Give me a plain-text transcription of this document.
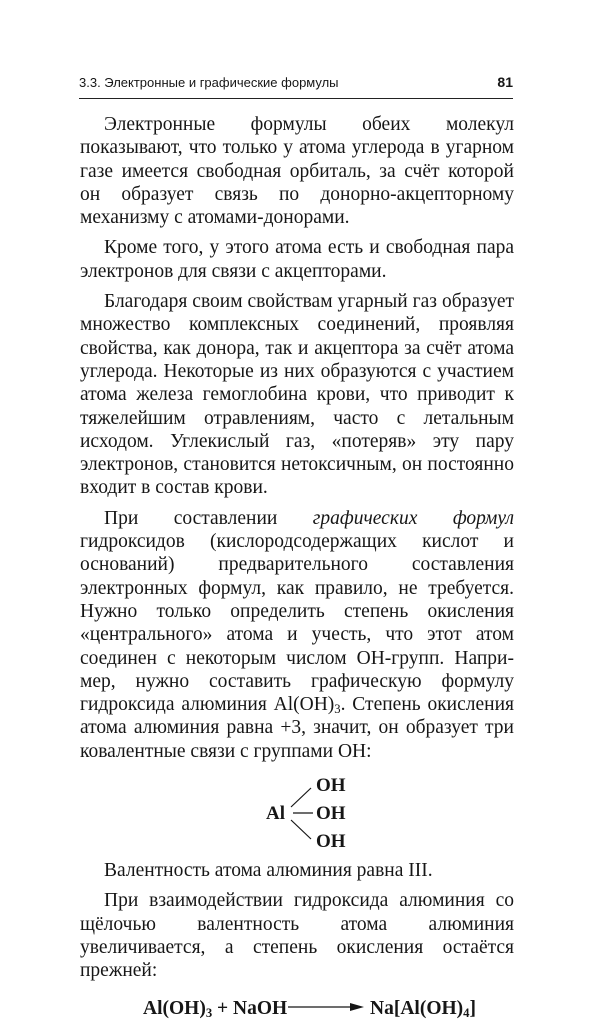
3.3. Электронные и графические формулы	81

Электронные формулы обеих молекул показывают, что только у атома углерода в угарном газе имеется свободная орбиталь, за счёт которой он образует связь по донорно-акцепторному механизму с атомами-донорами.

Кроме того, у этого атома есть и свободная пара электронов для связи с акцепторами.

Благодаря своим свойствам угарный газ образует множество комплексных соединений, проявляя свойства, как донора, так и акцептора за счёт атома углерода. Некоторые из них образуются с участием атома железа гемоглобина крови, что приводит к тяжелейшим отравлениям, часто с летальным исходом. Углекислый газ, «потеряв» эту пару электронов, становится нетоксичным, он постоянно входит в состав крови.

При составлении графических формул гидроксидов (кислородсодержащих кислот и оснований) предварительного составления электронных формул, как правило, не требуется. Нужно только определить степень окисления «центрального» атома и учесть, что этот атом соединен с некоторым числом ОН-групп. Например, нужно составить графическую формулу гидроксида алюминия $Al(OH)_3$. Степень окисления атома алюминия равна +3, значит, он образует три ковалентные связи с группами ОН:

Al
OH
OH
OH

Валентность атома алюминия равна III.

При взаимодействии гидроксида алюминия со щёлочью валентность атома алюминия увеличивается, а степень окисления остаётся прежней:

$Al(OH)_3$ + NaOH → $Na[Al(OH)_4]$
